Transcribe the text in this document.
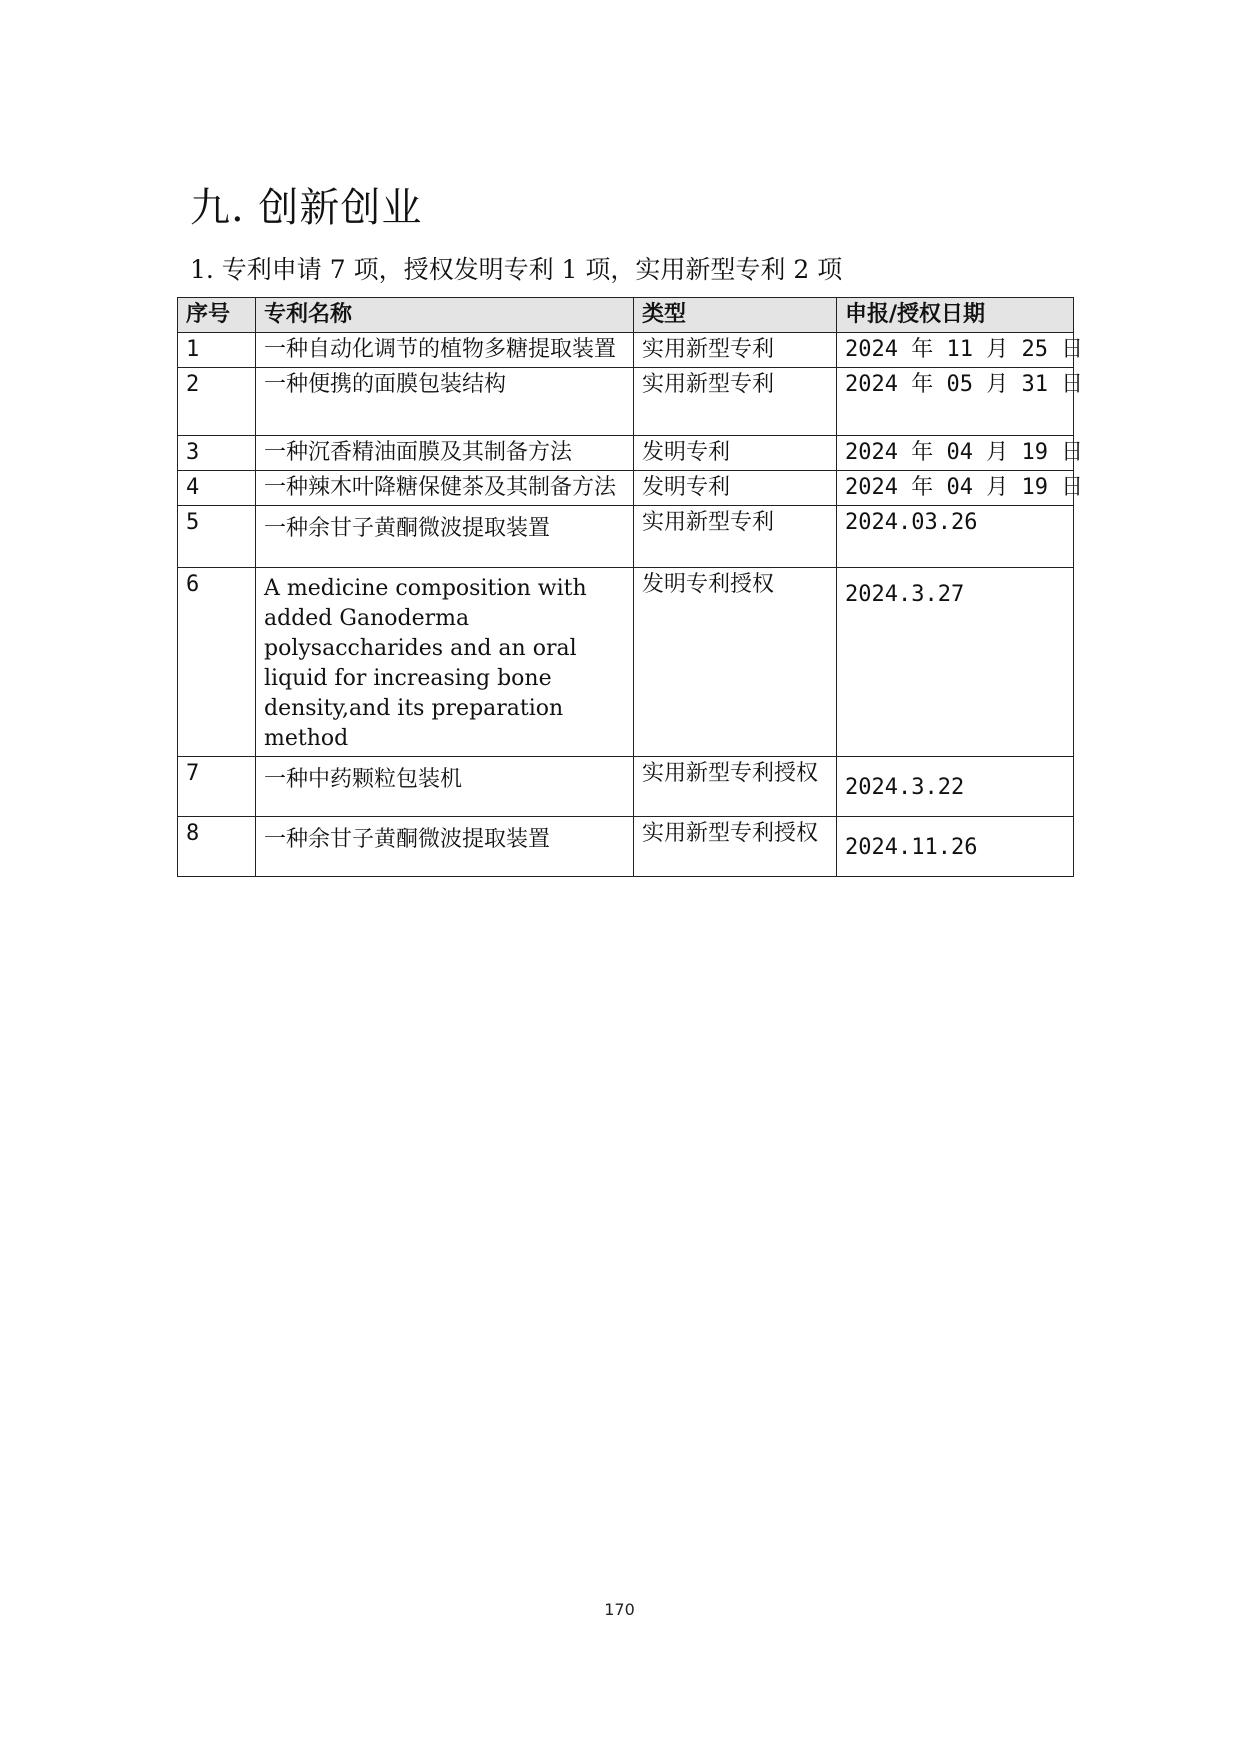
九. 创新创业
1. 专利申请 7 项，授权发明专利 1 项，实用新型专利 2 项
序号	专利名称	类型	申报/授权日期
1	一种自动化调节的植物多糖提取装置	实用新型专利	2024 年 11 月 25 日
2	一种便携的面膜包装结构	实用新型专利	2024 年 05 月 31 日
3	一种沉香精油面膜及其制备方法	发明专利	2024 年 04 月 19 日
4	一种辣木叶降糖保健茶及其制备方法	发明专利	2024 年 04 月 19 日
5	一种余甘子黄酮微波提取装置	实用新型专利	2024.03.26
6	A medicine composition with added Ganoderma polysaccharides and an oral liquid for increasing bone density,and its preparation method	发明专利授权	2024.3.27
7	一种中药颗粒包装机	实用新型专利授权	2024.3.22
8	一种余甘子黄酮微波提取装置	实用新型专利授权	2024.11.26
170
